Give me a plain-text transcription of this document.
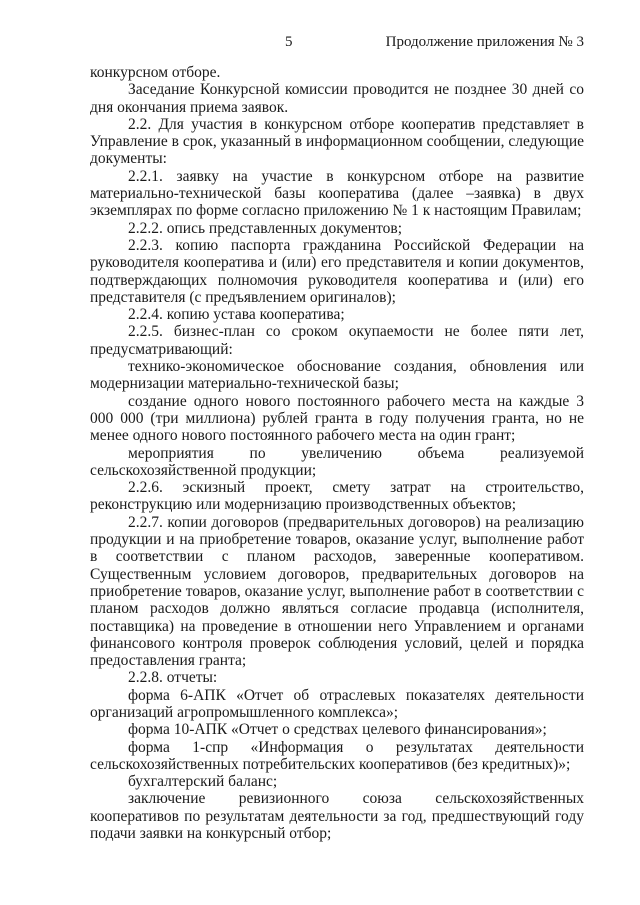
5	Продолжение приложения № 3

конкурсном отборе.

Заседание Конкурсной комиссии проводится не позднее 30 дней со дня окончания приема заявок.

2.2. Для участия в конкурсном отборе кооператив представляет в Управление в срок, указанный в информационном сообщении, следующие документы:

2.2.1. заявку на участие в конкурсном отборе на развитие материально-технической базы кооператива (далее –заявка) в двух экземплярах по форме согласно приложению № 1 к настоящим Правилам;

2.2.2. опись представленных документов;

2.2.3. копию паспорта гражданина Российской Федерации на руководителя кооператива и (или) его представителя и копии документов, подтверждающих полномочия руководителя кооператива и (или) его представителя (с предъявлением оригиналов);

2.2.4. копию устава кооператива;

2.2.5. бизнес-план со сроком окупаемости не более пяти лет, предусматривающий:

технико-экономическое обоснование создания, обновления или модернизации материально-технической базы;

создание одного нового постоянного рабочего места на каждые 3 000 000 (три миллиона) рублей гранта в году получения гранта, но не менее одного нового постоянного рабочего места на один грант;

мероприятия по увеличению объема реализуемой сельскохозяйственной продукции;

2.2.6. эскизный проект, смету затрат на строительство, реконструкцию или модернизацию производственных объектов;

2.2.7. копии договоров (предварительных договоров) на реализацию продукции и на приобретение товаров, оказание услуг, выполнение работ в соответствии с планом расходов, заверенные кооперативом. Существенным условием договоров, предварительных договоров на приобретение товаров, оказание услуг, выполнение работ в соответствии с планом расходов должно являться согласие продавца (исполнителя, поставщика) на проведение в отношении него Управлением и органами финансового контроля проверок соблюдения условий, целей и порядка предоставления гранта;

2.2.8. отчеты:

форма 6-АПК «Отчет об отраслевых показателях деятельности организаций агропромышленного комплекса»;

форма 10-АПК «Отчет о средствах целевого финансирования»;

форма 1-спр «Информация о результатах деятельности сельскохозяйственных потребительских кооперативов (без кредитных)»;

бухгалтерский баланс;

заключение ревизионного союза сельскохозяйственных кооперативов по результатам деятельности за год, предшествующий году подачи заявки на конкурсный отбор;
